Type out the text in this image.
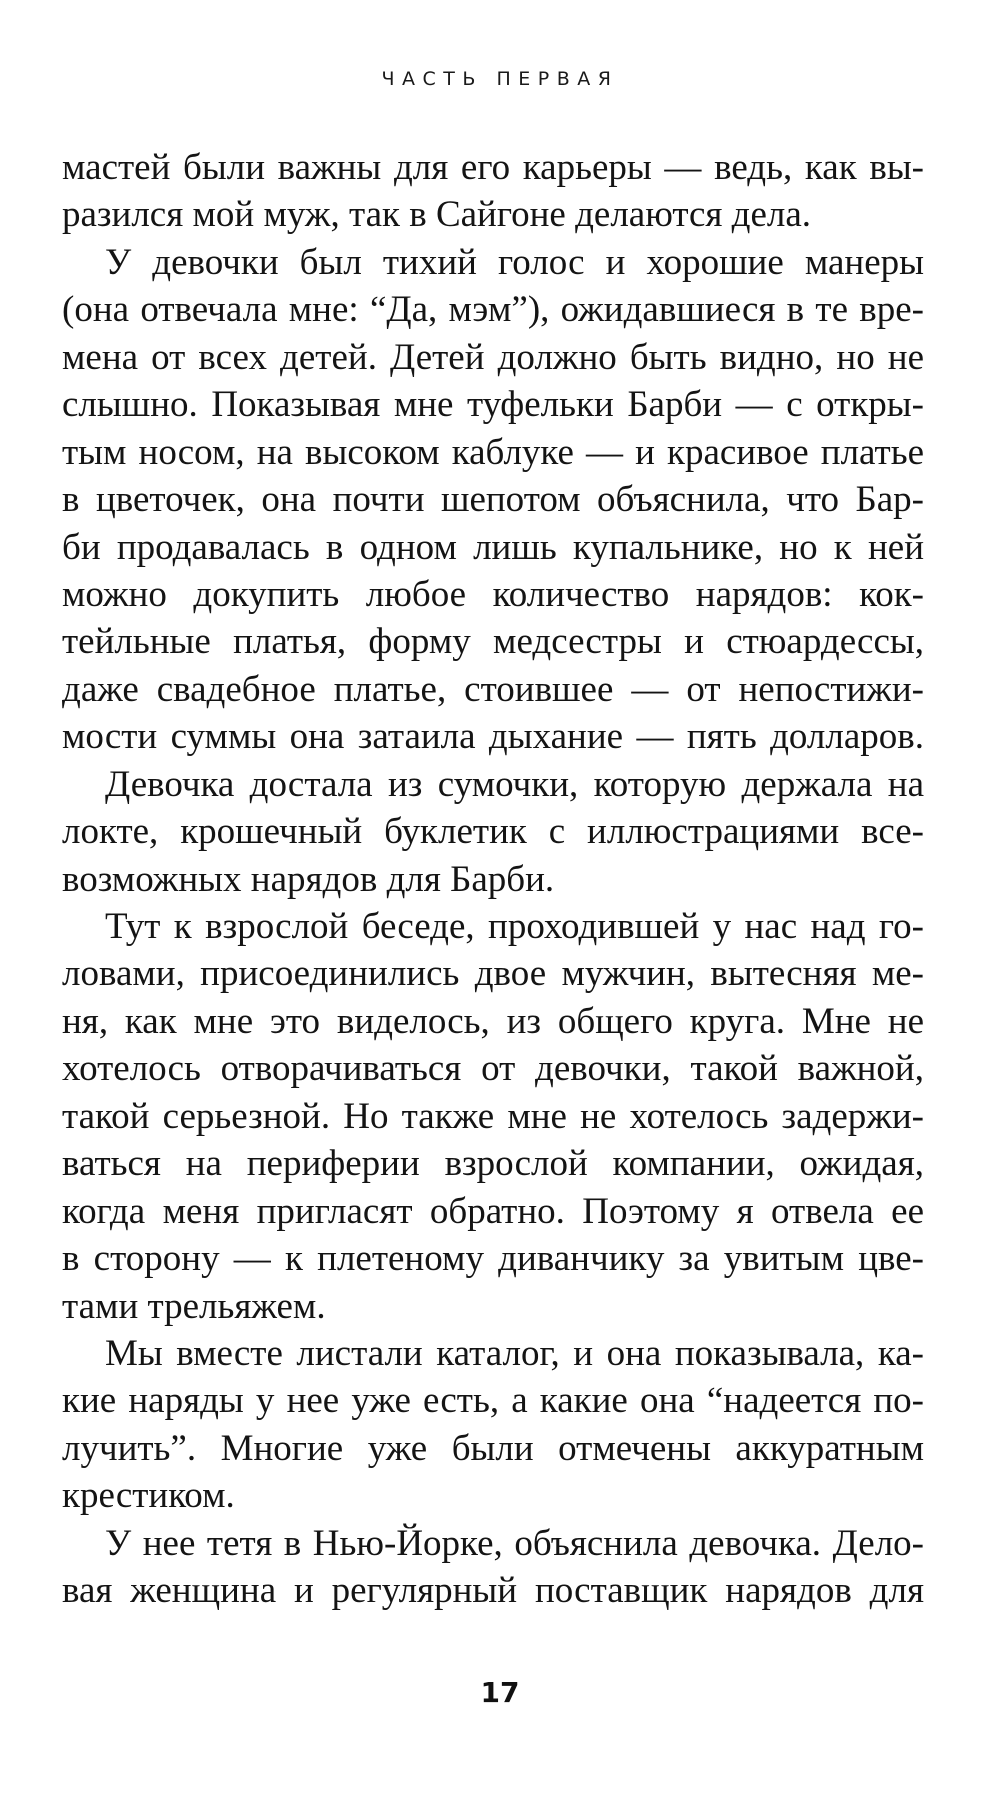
ЧАСТЬ ПЕРВАЯ
мастей были важны для его карьеры — ведь, как вы-
разился мой муж, так в Сайгоне делаются дела.
У девочки был тихий голос и хорошие манеры
(она отвечала мне: “Да, мэм”), ожидавшиеся в те вре-
мена от всех детей. Детей должно быть видно, но не
слышно. Показывая мне туфельки Барби — с откры-
тым носом, на высоком каблуке — и красивое платье
в цветочек, она почти шепотом объяснила, что Бар-
би продавалась в одном лишь купальнике, но к ней
можно докупить любое количество нарядов: кок-
тейльные платья, форму медсестры и стюардессы,
даже свадебное платье, стоившее — от непостижи-
мости суммы она затаила дыхание — пять долларов.
Девочка достала из сумочки, которую держала на
локте, крошечный буклетик с иллюстрациями все-
возможных нарядов для Барби.
Тут к взрослой беседе, проходившей у нас над го-
ловами, присоединились двое мужчин, вытесняя ме-
ня, как мне это виделось, из общего круга. Мне не
хотелось отворачиваться от девочки, такой важной,
такой серьезной. Но также мне не хотелось задержи-
ваться на периферии взрослой компании, ожидая,
когда меня пригласят обратно. Поэтому я отвела ее
в сторону — к плетеному диванчику за увитым цве-
тами трельяжем.
Мы вместе листали каталог, и она показывала, ка-
кие наряды у нее уже есть, а какие она “надеется по-
лучить”. Многие уже были отмечены аккуратным
крестиком.
У нее тетя в Нью-Йорке, объяснила девочка. Дело-
вая женщина и регулярный поставщик нарядов для
17
